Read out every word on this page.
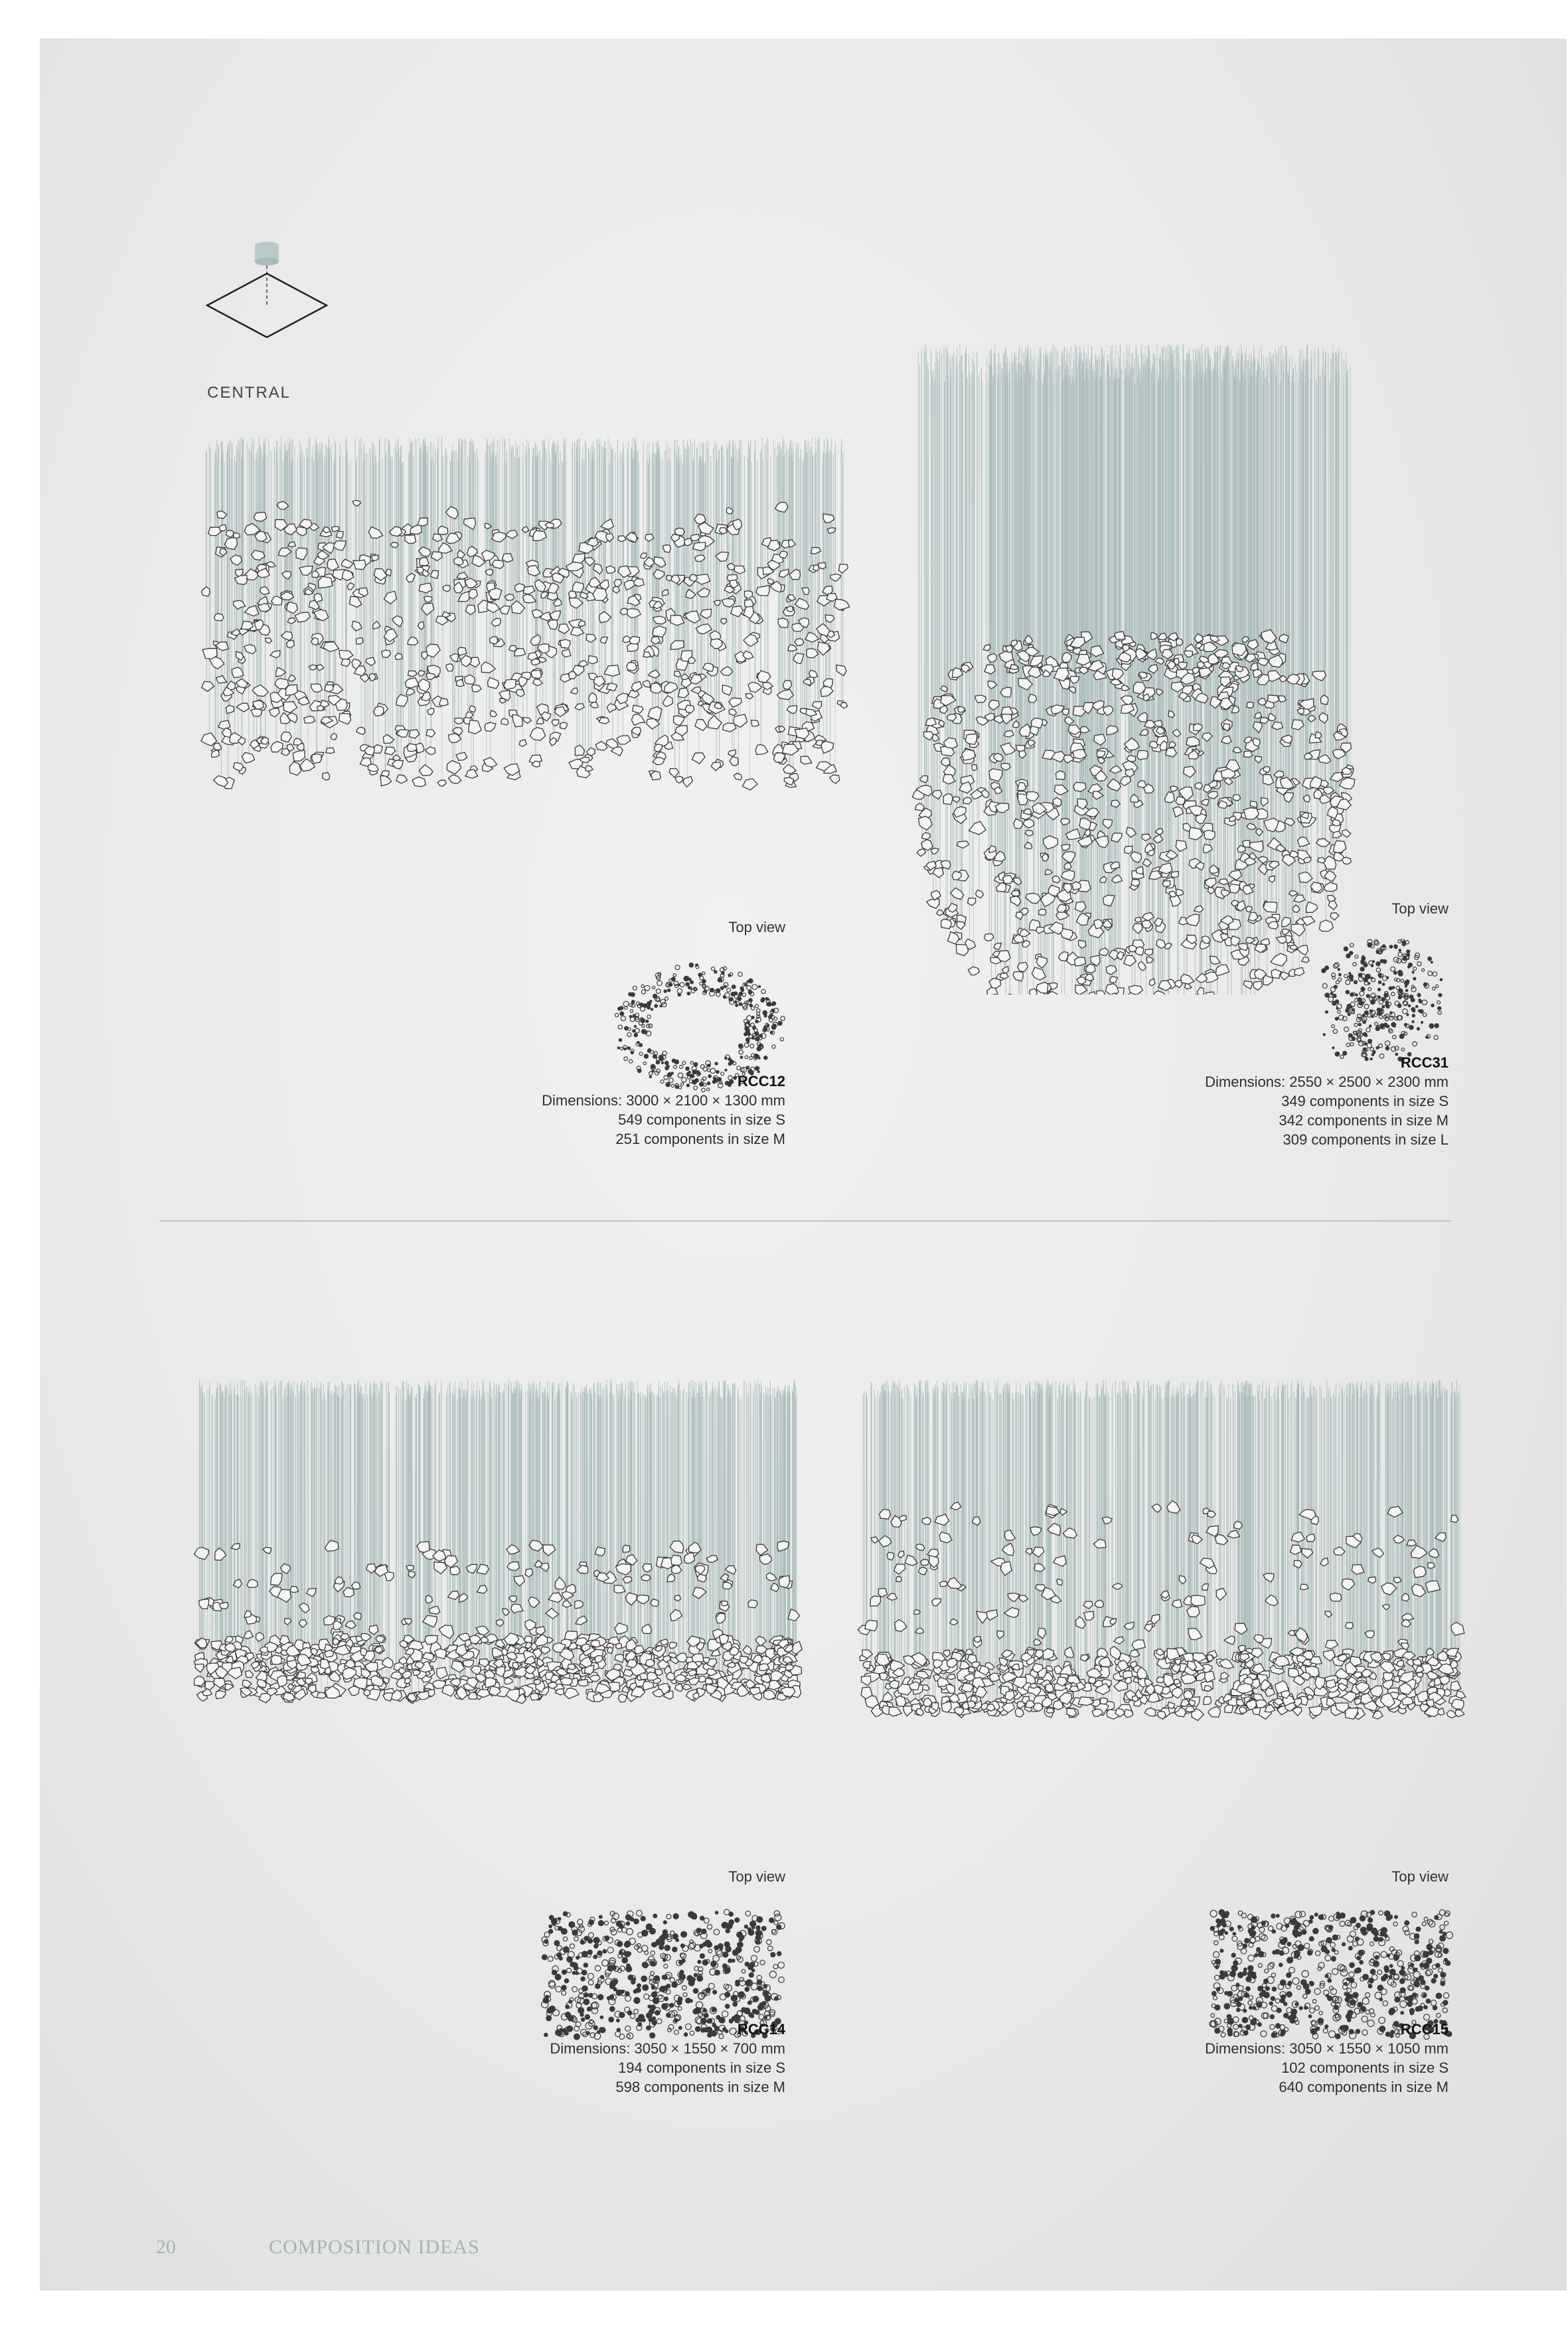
CENTRAL
Top view
Top view
Top view	Top view
RCC12
Dimensions: 3000 × 2100 × 1300 mm
549 components in size S
251 components in size M
RCC31
Dimensions: 2550 × 2500 × 2300 mm
349 components in size S
342 components in size M
309 components in size L
RCC14
Dimensions: 3050 × 1550 × 700 mm
194 components in size S
598 components in size M
RCC15
Dimensions: 3050 × 1550 × 1050 mm
102 components in size S
640 components in size M
20	COMPOSITION IDEAS
